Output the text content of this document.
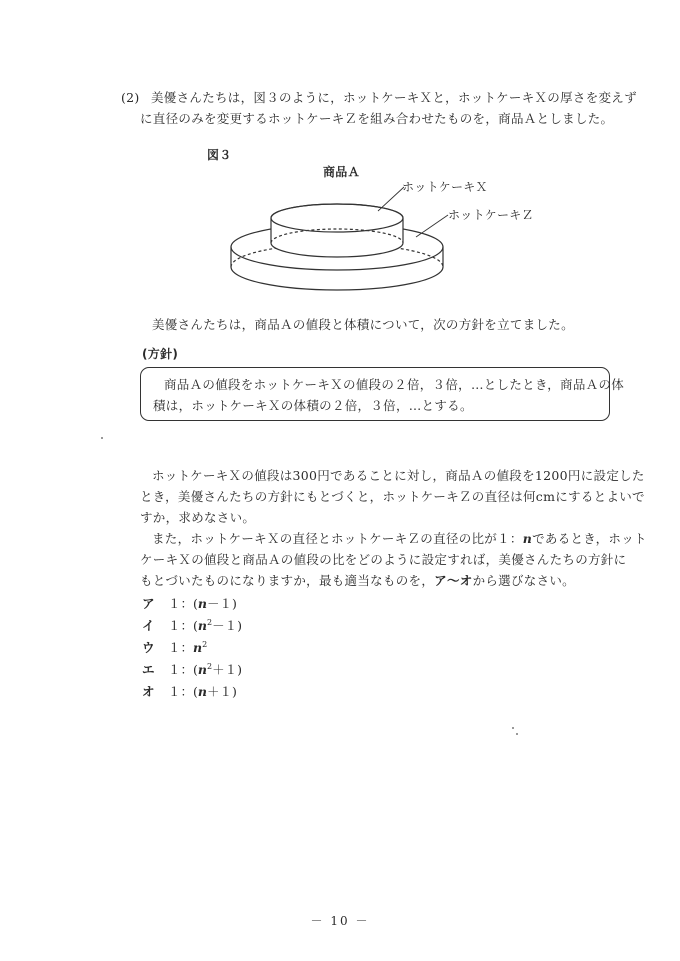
(2) 美優さんたちは，図３のように，ホットケーキＸと，ホットケーキＸの厚さを変えず
に直径のみを変更するホットケーキＺを組み合わせたものを，商品Ａとしました。
図３
商品Ａ
ホットケーキＸ
ホットケーキＺ
美優さんたちは，商品Ａの値段と体積について，次の方針を立てました。
(方針)
商品Ａの値段をホットケーキＸの値段の２倍，３倍，…としたとき，商品Ａの体
積は，ホットケーキＸの体積の２倍，３倍，…とする。
ホットケーキＸの値段は300円であることに対し，商品Ａの値段を1200円に設定した
とき，美優さんたちの方針にもとづくと，ホットケーキＺの直径は何cmにするとよいで
すか，求めなさい。
また，ホットケーキＸの直径とホットケーキＺの直径の比が１：nであるとき，ホット
ケーキＸの値段と商品Ａの値段の比をどのように設定すれば，美優さんたちの方針に
もとづいたものになりますか，最も適当なものを，ア〜オから選びなさい。
ア １：(n－１)
イ １：$(n^2-1)$
ウ １：$n^2$
エ １：$(n^2+1)$
オ １：(n＋１)
－ 10 －
